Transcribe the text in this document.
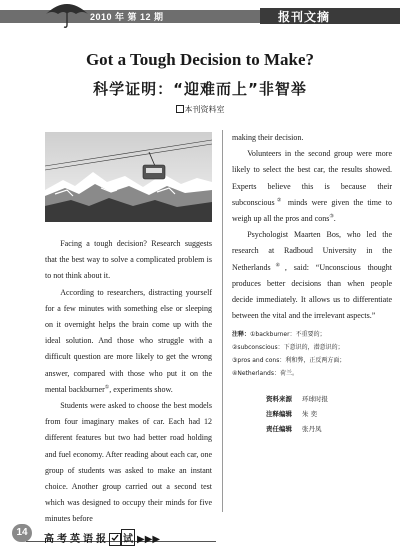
2010 年 第 12 期	报刊文摘
Got a Tough Decision to Make?
科学证明：“迎难而上”非智举
本刊资料室

Facing a tough decision? Research suggests that the best way to solve a complicated problem is to not think about it.

According to researchers, distracting yourself for a few minutes with something else or sleeping on it overnight helps the brain come up with the ideal solution. And those who struggle with a difficult question are more likely to get the wrong answer, compared with those who put it on the mental backburner①, experiments show.

Students were asked to choose the best models from four imaginary makes of car. Each had 12 different features but two had better road holding and fuel economy. After reading about each car, one group of students was asked to make an instant choice. Another group carried out a second test which was designed to occupy their minds for five minutes before

making their decision.

Volunteers in the second group were more likely to select the best car, the results showed. Experts believe this is because their subconscious② minds were given the time to weigh up all the pros and cons③.

Psychologist Maarten Bos, who led the research at Radboud University in the Netherlands④, said: “Unconscious thought produces better decisions than when people decide immediately. It allows us to differentiate between the vital and the irrelevant aspects.”

注释：①backburner：不重要的；
②subconscious：下意识的，潜意识的；
③pros and cons：利和弊，正反两方面；
④Netherlands：荷兰。
资料来源 环球时报
注释编辑 朱 奕
责任编辑 张丹凤
14
高考英语报 试 ▶▶▶
